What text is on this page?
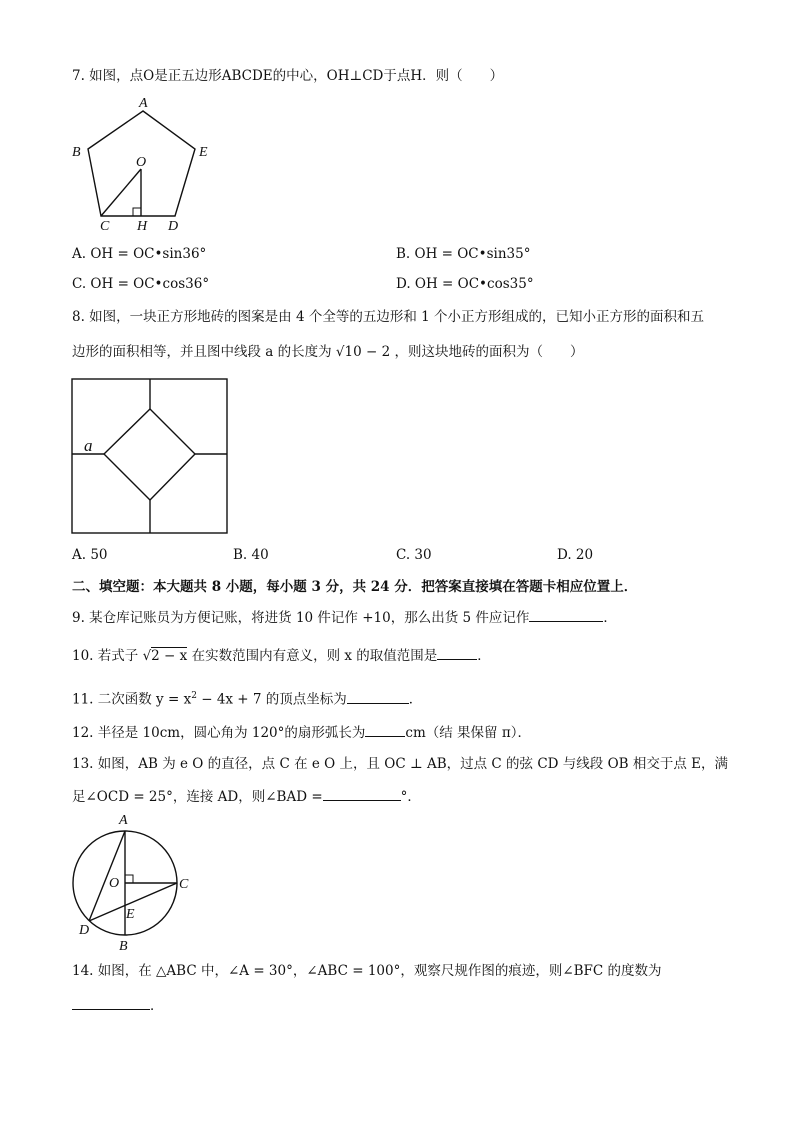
7. 如图，点O是正五边形ABCDE的中心，OH⊥CD于点H．则（　　）
A
B	E
O
C H D
A. OH = OC•sin36°	B. OH = OC•sin35°
C. OH = OC•cos36°	D. OH = OC•cos35°
8. 如图，一块正方形地砖的图案是由 4 个全等的五边形和 1 个小正方形组成的，已知小正方形的面积和五
边形的面积相等，并且图中线段 a 的长度为 √10 − 2 ，则这块地砖的面积为（　　）
a
A. 50	B. 40	C. 30	D. 20
二、填空题：本大题共 8 小题，每小题 3 分，共 24 分．把答案直接填在答题卡相应位置上．
9. 某仓库记账员为方便记账，将进货 10 件记作 +10，那么出货 5 件应记作	．
10. 若式子 √2 − x 在实数范围内有意义，则 x 的取值范围是	．
11. 二次函数 $y = x^2 - 4x + 7$ 的顶点坐标为	．
12. 半径是 10cm，圆心角为 120°的扇形弧长为	cm（结 果保留 π）．
13. 如图，AB 为 e O 的直径，点 C 在 e O 上，且 OC ⊥ AB，过点 C 的弦 CD 与线段 OB 相交于点 E，满
足∠OCD = 25°，连接 AD，则∠BAD =	°．
A
O	C
E
D
B
14. 如图，在 △ABC 中，∠A = 30°，∠ABC = 100°，观察尺规作图的痕迹，则∠BFC 的度数为
．
